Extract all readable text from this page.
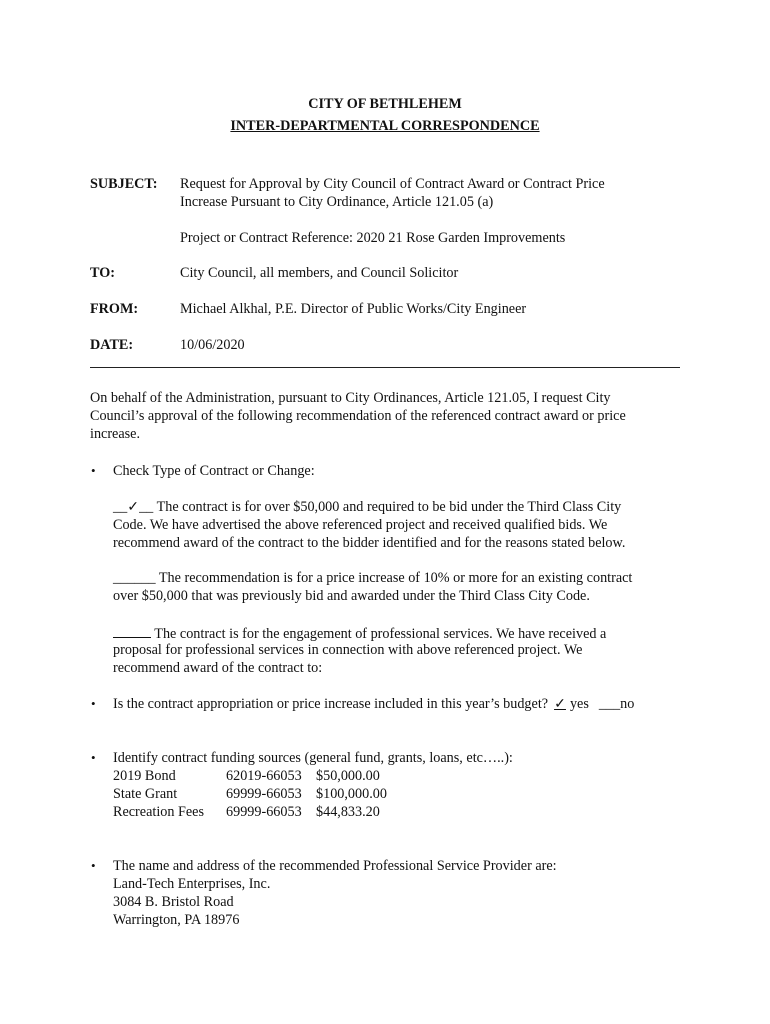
CITY OF BETHLEHEM
INTER-DEPARTMENTAL CORRESPONDENCE
SUBJECT: Request for Approval by City Council of Contract Award or Contract Price
Increase Pursuant to City Ordinance, Article 121.05 (a)
Project or Contract Reference: 2020 21 Rose Garden Improvements
TO:	City Council, all members, and Council Solicitor
FROM:	Michael Alkhal, P.E. Director of Public Works/City Engineer
DATE:	10/06/2020
On behalf of the Administration, pursuant to City Ordinances, Article 121.05, I request City
Council’s approval of the following recommendation of the referenced contract award or price
increase.
• Check Type of Contract or Change:
__✓__ The contract is for over $50,000 and required to be bid under the Third Class City
Code. We have advertised the above referenced project and received qualified bids. We
recommend award of the contract to the bidder identified and for the reasons stated below.
______ The recommendation is for a price increase of 10% or more for an existing contract
over $50,000 that was previously bid and awarded under the Third Class City Code.
The contract is for the engagement of professional services. We have received a
proposal for professional services in connection with above referenced project. We
recommend award of the contract to:
• Is the contract appropriation or price increase included in this year’s budget? ✓ yes ___no
• Identify contract funding sources (general fund, grants, loans, etc…..):
2019 Bond	62019-66053 $50,000.00
State Grant	69999-66053 $100,000.00
Recreation Fees 69999-66053 $44,833.20
• The name and address of the recommended Professional Service Provider are:
Land-Tech Enterprises, Inc.
3084 B. Bristol Road
Warrington, PA 18976
